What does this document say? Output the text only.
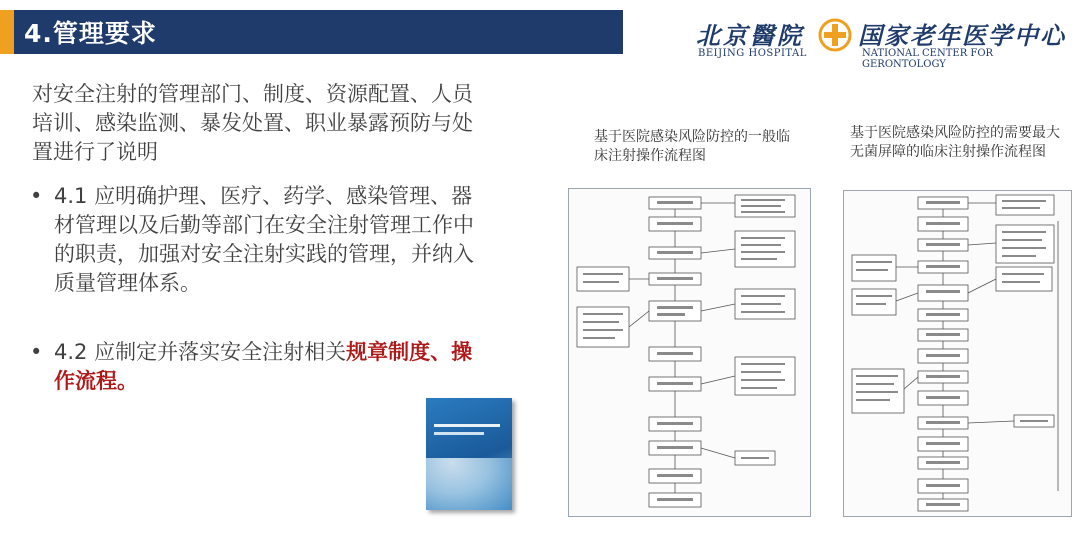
4.管理要求	北京醫院
BEIJING HOSPITAL
国家老年医学中心
NATIONAL CENTER FOR GERONTOLOGY
对安全注射的管理部门、制度、资源配置、人员培训、感染监测、暴发处置、职业暴露预防与处置进行了说明
• 4.1 应明确护理、医疗、药学、感染管理、器材管理以及后勤等部门在安全注射管理工作中的职责，加强对安全注射实践的管理，并纳入质量管理体系。
• 4.2 应制定并落实安全注射相关规章制度、操作流程。
基于医院感染风险防控的一般临床注射操作流程图
基于医院感染风险防控的需要最大无菌屏障的临床注射操作流程图
